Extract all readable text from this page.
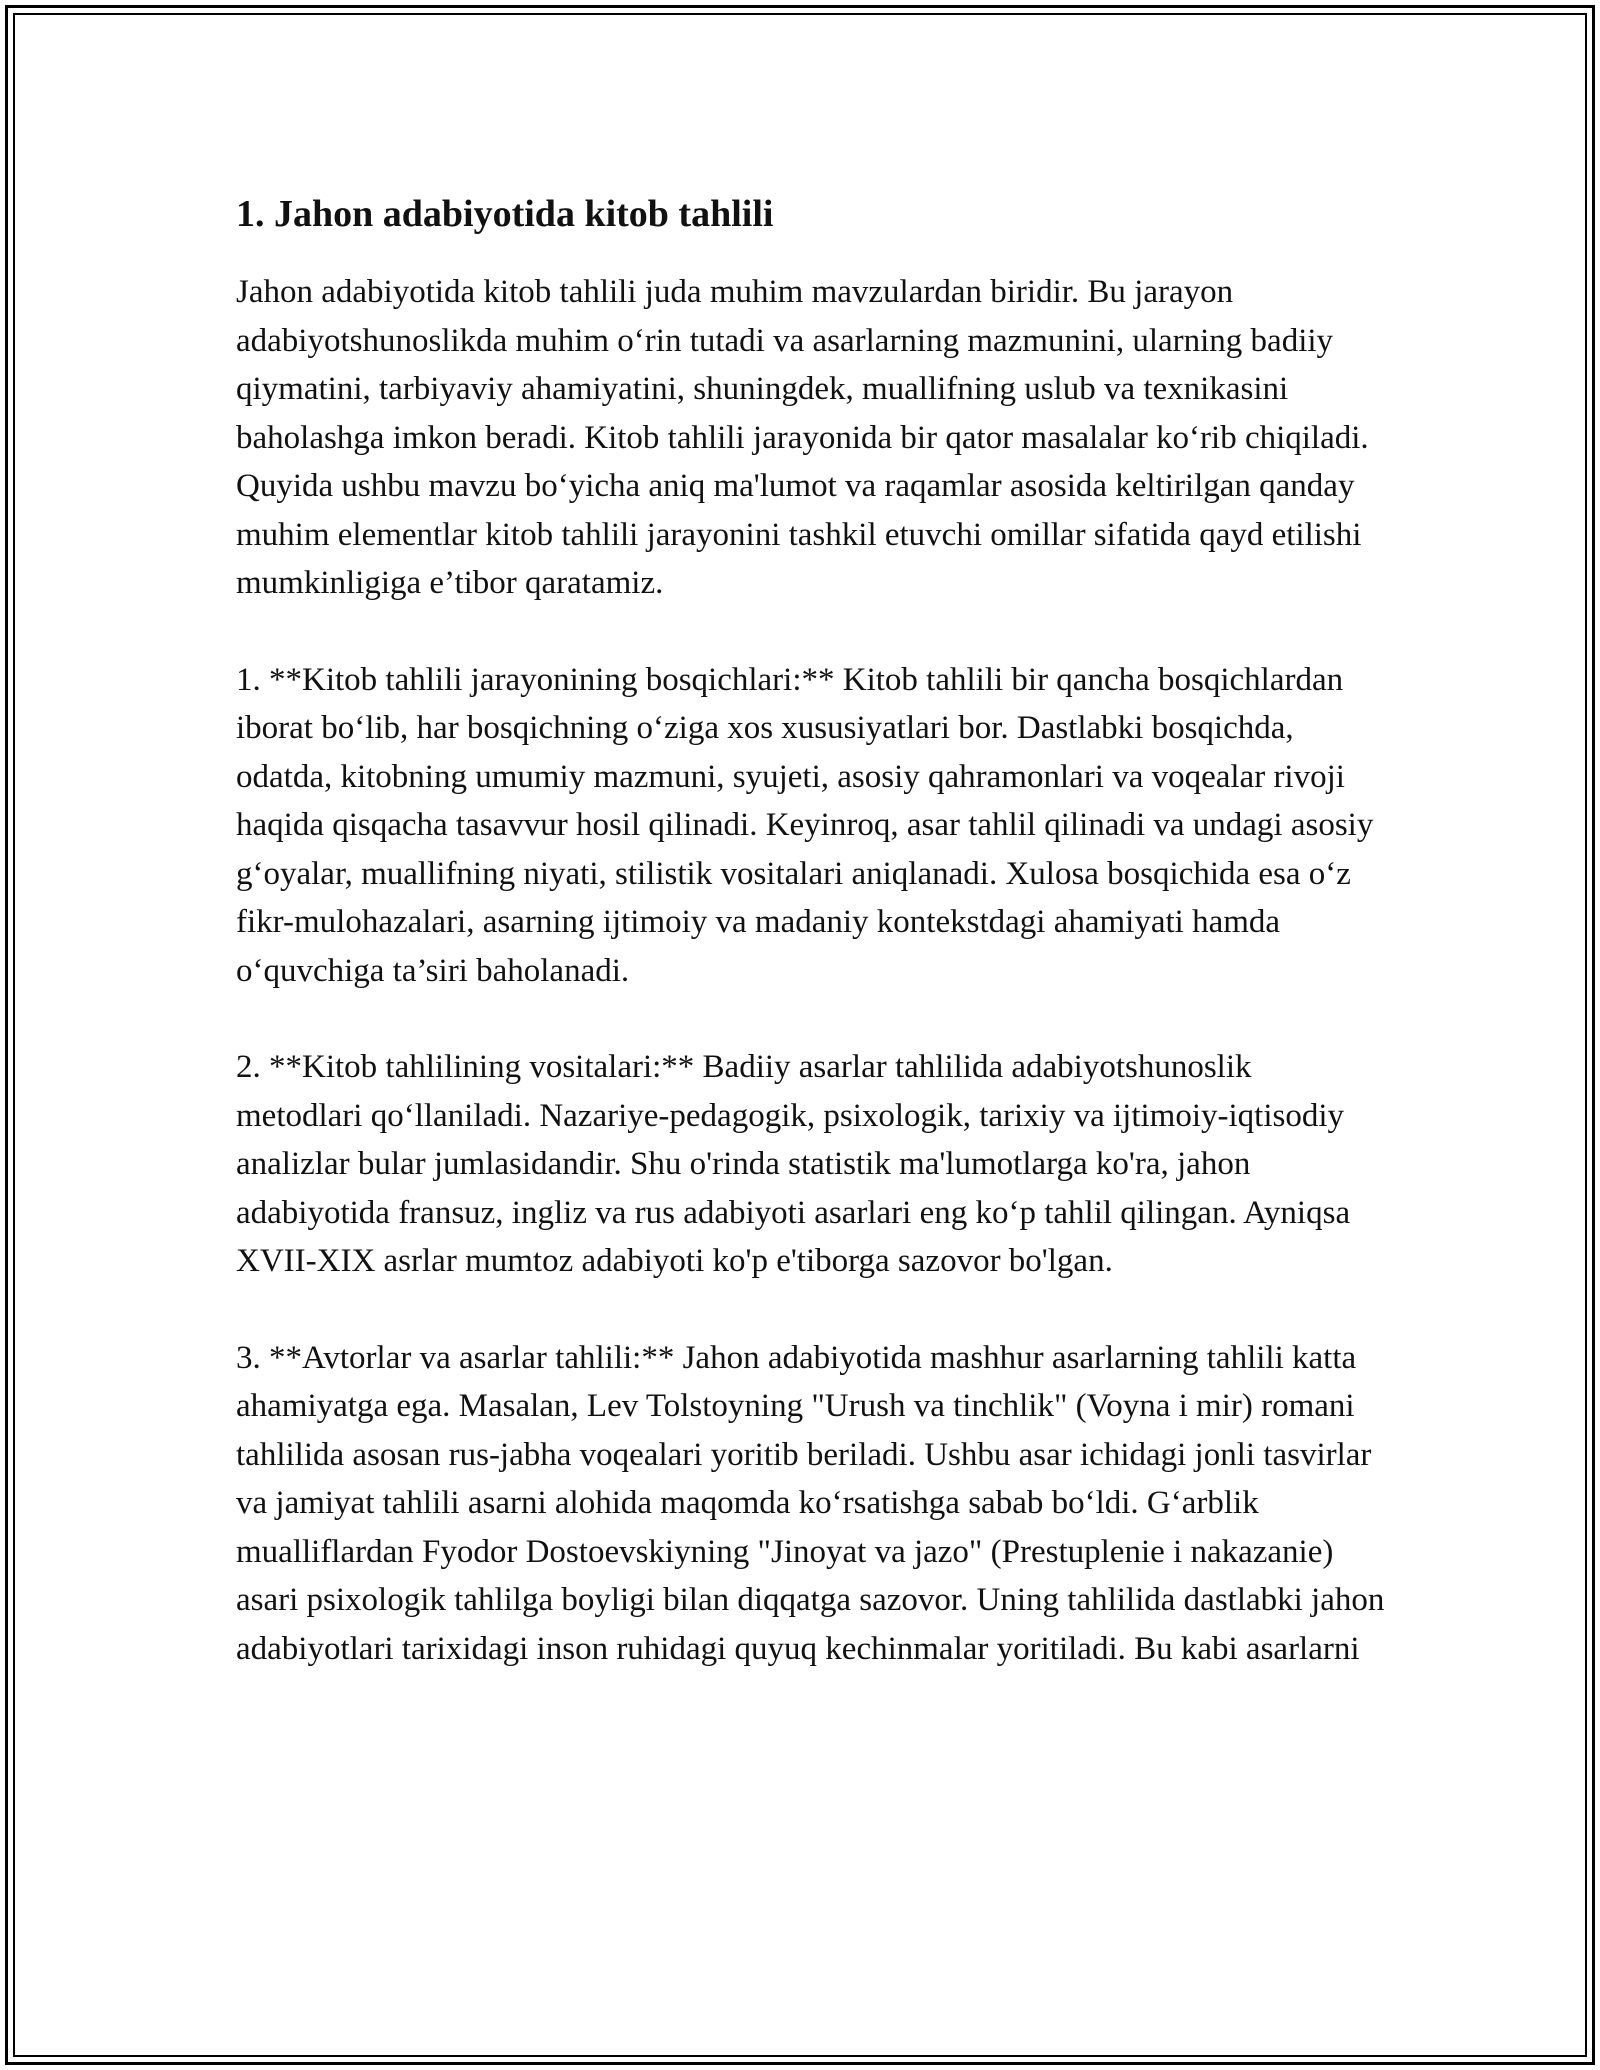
1. Jahon adabiyotida kitob tahlili

Jahon adabiyotida kitob tahlili juda muhim mavzulardan biridir. Bu jarayon adabiyotshunoslikda muhim o‘rin tutadi va asarlarning mazmunini, ularning badiiy qiymatini, tarbiyaviy ahamiyatini, shuningdek, muallifning uslub va texnikasini baholashga imkon beradi. Kitob tahlili jarayonida bir qator masalalar ko‘rib chiqiladi. Quyida ushbu mavzu bo‘yicha aniq ma'lumot va raqamlar asosida keltirilgan qanday muhim elementlar kitob tahlili jarayonini tashkil etuvchi omillar sifatida qayd etilishi mumkinligiga e’tibor qaratamiz.

1. **Kitob tahlili jarayonining bosqichlari:** Kitob tahlili bir qancha bosqichlardan iborat bo‘lib, har bosqichning o‘ziga xos xususiyatlari bor. Dastlabki bosqichda, odatda, kitobning umumiy mazmuni, syujeti, asosiy qahramonlari va voqealar rivoji haqida qisqacha tasavvur hosil qilinadi. Keyinroq, asar tahlil qilinadi va undagi asosiy g‘oyalar, muallifning niyati, stilistik vositalari aniqlanadi. Xulosa bosqichida esa o‘z fikr-mulohazalari, asarning ijtimoiy va madaniy kontekstdagi ahamiyati hamda o‘quvchiga ta’siri baholanadi.

2. **Kitob tahlilining vositalari:** Badiiy asarlar tahlilida adabiyotshunoslik metodlari qo‘llaniladi. Nazariye-pedagogik, psixologik, tarixiy va ijtimoiy-iqtisodiy analizlar bular jumlasidandir. Shu o'rinda statistik ma'lumotlarga ko'ra, jahon adabiyotida fransuz, ingliz va rus adabiyoti asarlari eng ko‘p tahlil qilingan. Ayniqsa XVII-XIX asrlar mumtoz adabiyoti ko'p e'tiborga sazovor bo'lgan.

3. **Avtorlar va asarlar tahlili:** Jahon adabiyotida mashhur asarlarning tahlili katta ahamiyatga ega. Masalan, Lev Tolstoyning "Urush va tinchlik" (Voyna i mir) romani tahlilida asosan rus-jabha voqealari yoritib beriladi. Ushbu asar ichidagi jonli tasvirlar va jamiyat tahlili asarni alohida maqomda ko‘rsatishga sabab bo‘ldi. G‘arblik mualliflardan Fyodor Dostoevskiyning "Jinoyat va jazo" (Prestuplenie i nakazanie) asari psixologik tahlilga boyligi bilan diqqatga sazovor. Uning tahlilida dastlabki jahon adabiyotlari tarixidagi inson ruhidagi quyuq kechinmalar yoritiladi. Bu kabi asarlarni
